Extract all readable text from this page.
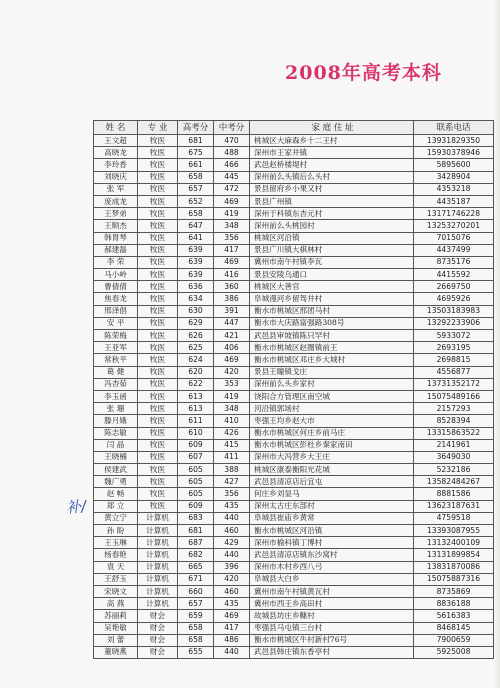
2008年高考本科
补/
姓 名	专 业	高考分	中考分	家 庭 住 址	联系电话
王文超	牧医	681	470	桃城区大麻森乡十二王村	13931829350
高晓龙	牧医	675	488	深州市王家井镇	15930378946
李玲香	牧医	661	466	武邑赵桥楼堤村	5895600
刘晓庆	牧医	658	445	深州前么头镇后么头村	3428904
张 军	牧医	657	472	景县留府乡小果又村	4353218
庞成龙	牧医	652	469	景县广州镇	4435187
王梦弟	牧医	658	419	深州于科镇东杏元村	13171746228
王顺杰	牧医	647	348	深州前么头桃园村	13253270201
韩胃琴	牧医	641	356	桃城区河沿镇	7015076
郝建磊	牧医	639	417	景县广川镇大棋林村	4437499
李 荣	牧医	639	469	冀州市南午村镇李瓦	8735176
马小岭	牧医	639	416	景县安陵乌通口	4415592
曹倩倩	牧医	636	360	桃城区大善官	2669750
焦春龙	牧医	634	386	阜城漫河乡留驾井村	4695926
邢泽倡	牧医	630	391	衡水市桃城区邢团马村	13503183983
安 平	牧医	629	447	衡水市大庆路富强路308号	13292233906
陈荣梅	牧医	626	421	武邑县审坡镇陈只罕村	5933072
王亚军	牧医	625	406	衡水市桃城区赵圈镇前王	2693195
常秋平	牧医	624	469	衡水市桃城区邓庄乡大城村	2698815
葛 健	牧医	620	420	景县王瞳镇戈庄	4556877
冯杏茹	牧医	622	353	深州前么头乡家村	13731352172
李玉函	牧医	613	419	饶阳合方管理区南空城	15075489166
张 珊	牧医	613	348	河沿镇郭场村	2157293
滕月娥	牧医	611	410	枣强王均乡赵大市	8528394
陈志敏	牧医	610	426	衡水市桃城区何庄乡前马庄	13315863522
闫 晶	牧医	609	415	衡水市桃城区彭杜乡秦家南田	2141961
王晓楠	牧医	607	411	深州市大冯营乡大王庄	3649030
侯建武	牧医	605	388	桃城区康泰衡阳光花城	5232186
魏广勇	牧医	605	427	武邑县清凉店后宜屯	13582484267
赵 畅	牧医	605	356	何庄乡刘显马	8881586
郑 立	牧医	609	435	深州太古庄东部村	13623187631
黄立宁	计算机	683	440	阜城县崔庙乡黄常	4759518
孙 盼	计算机	681	460	衡水市桃城区河沿镇	13393087955
王玉琳	计算机	687	429	深州市榆科镇丁博村	13132400109
杨春艳	计算机	682	440	武邑县清凉店镇东沙窝村	13131899854
袁 天	计算机	665	396	深州市木村乡西八弓	13831870086
王舒玉	计算机	671	420	阜城县大白乡	15075887316
宋晓文	计算机	660	460	冀州市南午村镇黄瓦村	8735869
高 燕	计算机	657	435	冀州市西王乡高田村	8836188
苏丽莉	财会	659	469	故城县坊庄乡糠村	5616383
吴艳敏	财会	658	417	枣强县马屯镇三台村	8468145
刘 蕾	财会	658	486	衡水市桃城区牛村新村76号	7900659
董晓燕	财会	655	440	武邑县韩庄镇东香亭村	5925008
